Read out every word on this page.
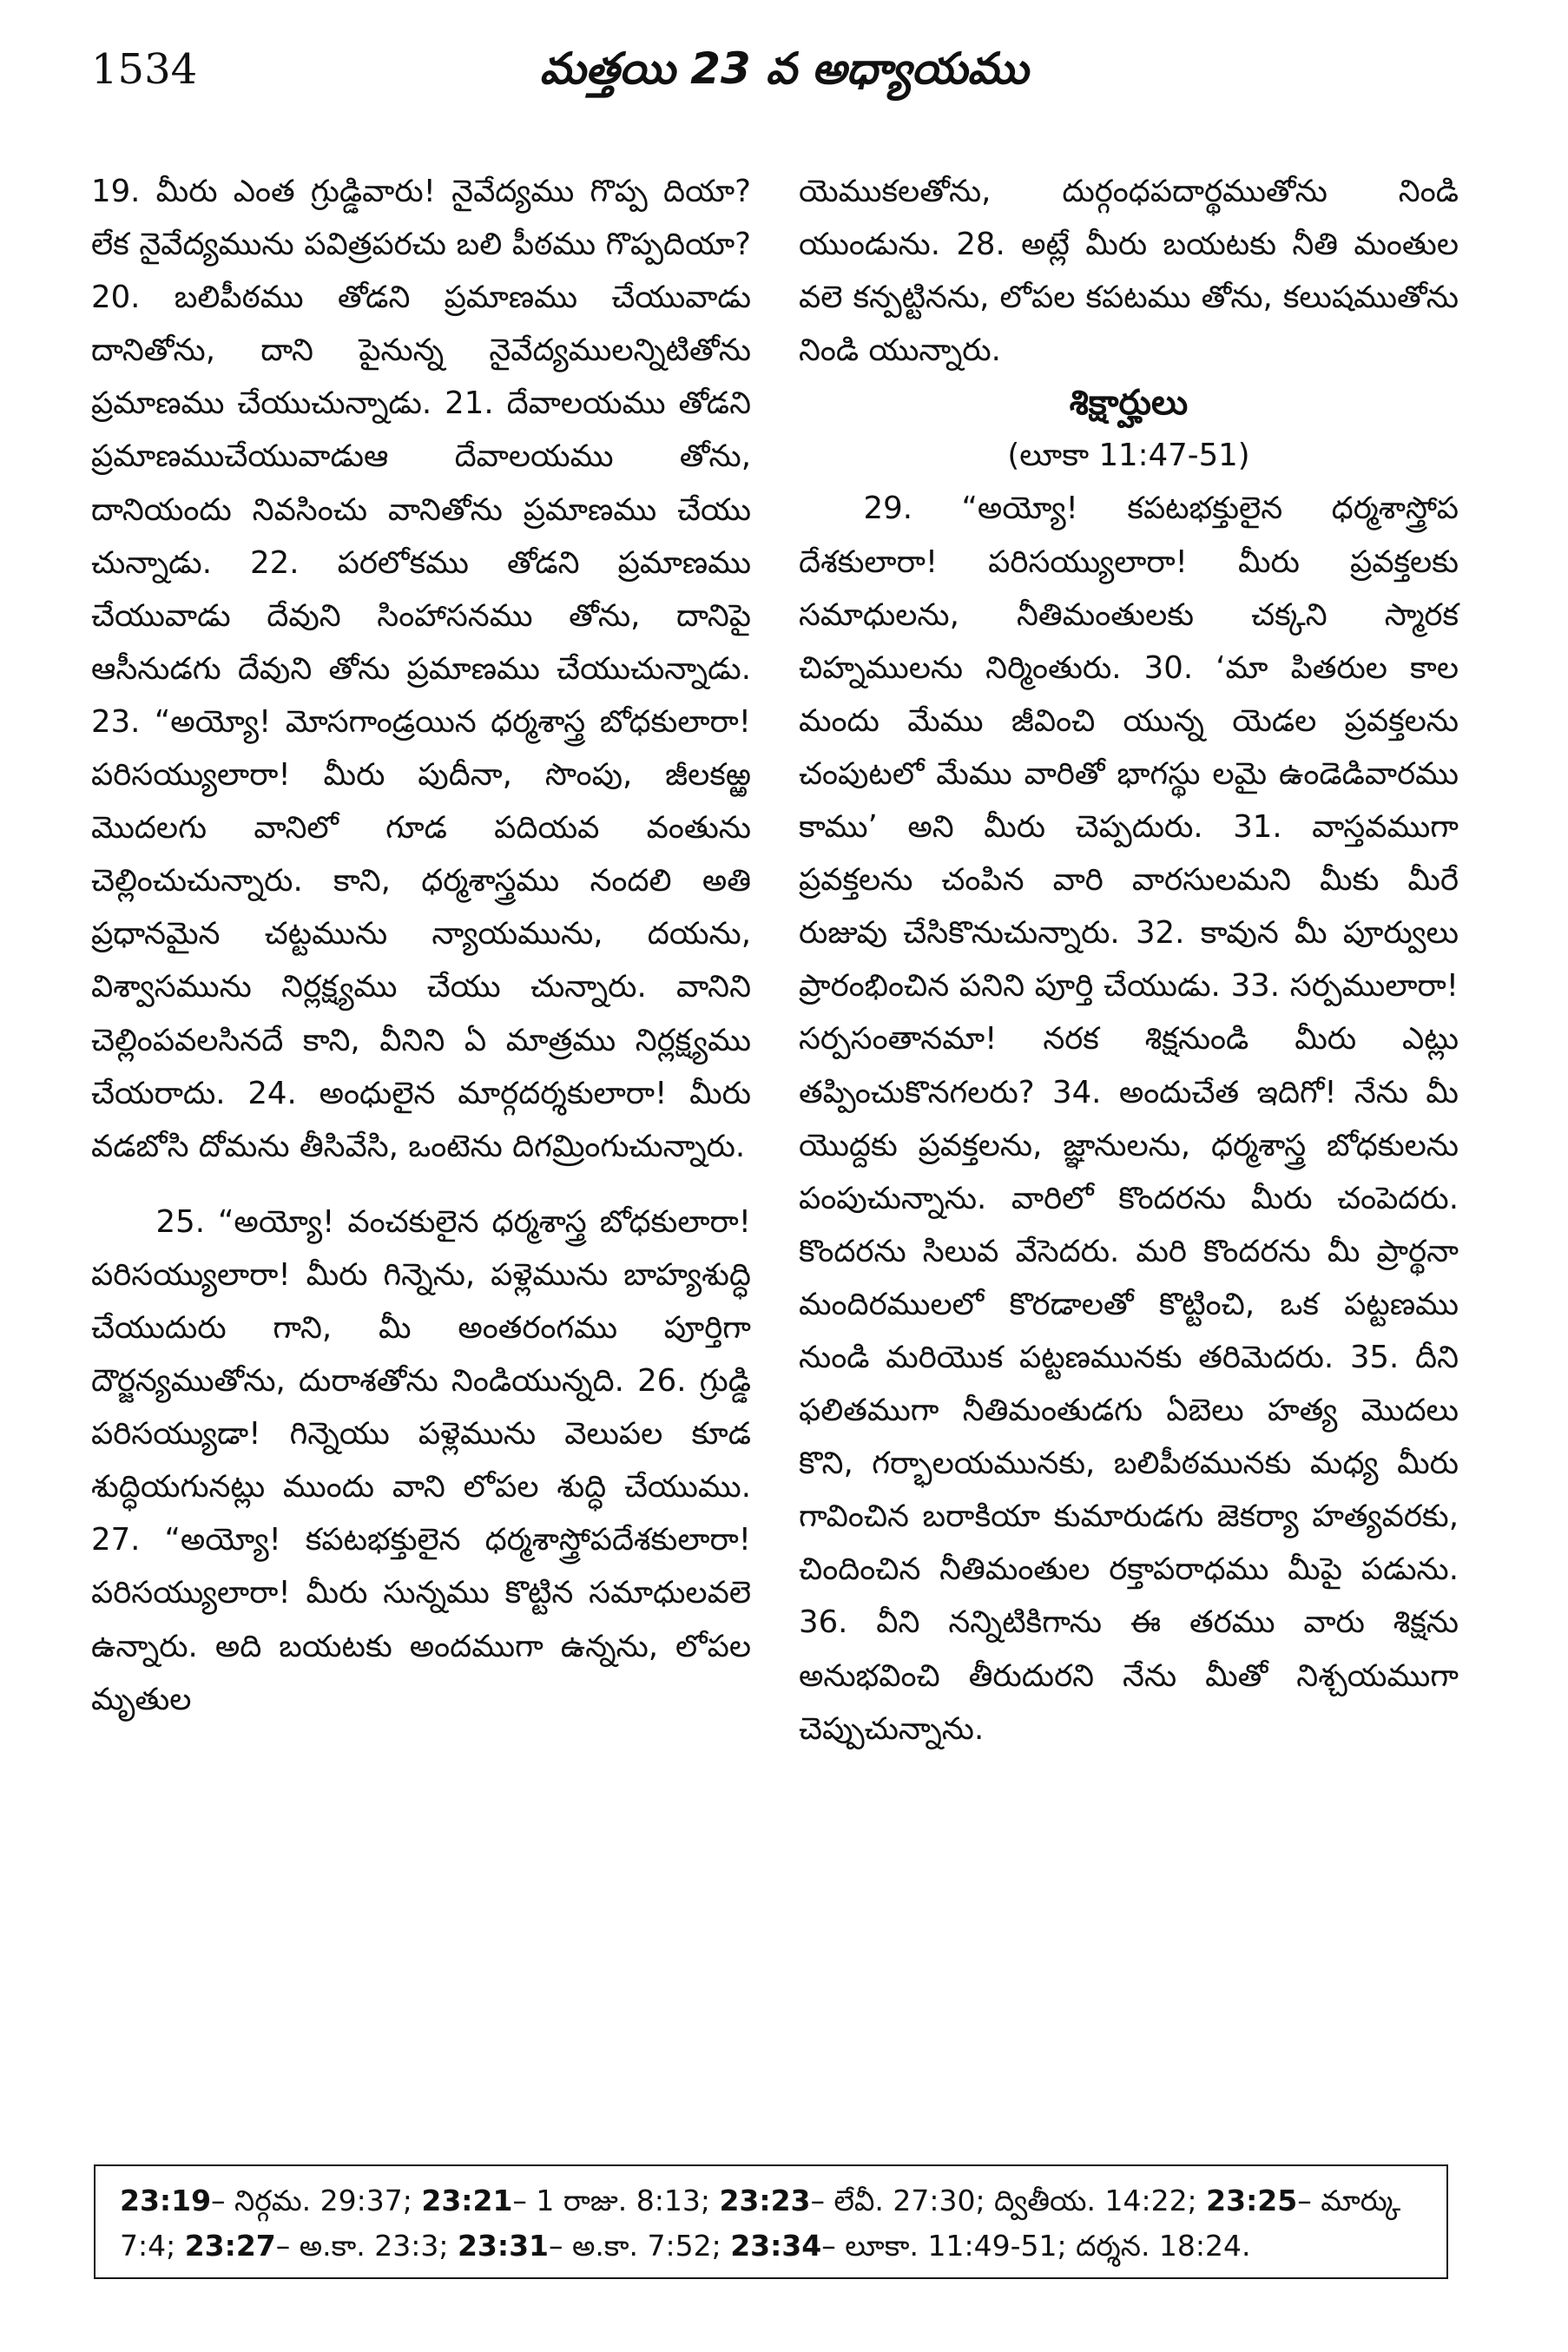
1534	మత్తయి 23 వ అధ్యాయము

19. మీరు ఎంత గ్రుడ్డివారు! నైవేద్యము గొప్ప దియా? లేక నైవేద్యమును పవిత్రపరచు బలి పీఠము గొప్పదియా? 20. బలిపీఠము తోడని ప్రమాణము చేయువాడు దానితోను, దాని పైనున్న నైవేద్యములన్నిటితోను ప్రమాణము చేయుచున్నాడు. 21. దేవాలయము తోడని ప్రమాణముచేయువాడుఆ దేవాలయము తోను, దానియందు నివసించు వానితోను ప్రమాణము చేయు చున్నాడు. 22. పరలోకము తోడని ప్రమాణము చేయువాడు దేవుని సింహాసనము తోను, దానిపై ఆసీనుడగు దేవుని తోను ప్రమాణము చేయుచున్నాడు. 23. “అయ్యో! మోసగాండ్రయిన ధర్మశాస్త్ర బోధకులారా! పరిసయ్యులారా! మీరు పుదీనా, సొంపు, జీలకఱ్ఱ మొదలగు వానిలో గూడ పదియవ వంతును చెల్లించుచున్నారు. కాని, ధర్మశాస్త్రము నందలి అతి ప్రధానమైన చట్టమును న్యాయమును, దయను, విశ్వాసమును నిర్లక్ష్యము చేయు చున్నారు. వానిని చెల్లింపవలసినదే కాని, వీనిని ఏ మాత్రము నిర్లక్ష్యము చేయరాదు. 24. అంధులైన మార్గదర్శకులారా! మీరు వడబోసి దోమను తీసివేసి, ఒంటెను దిగమ్రింగుచున్నారు.

25. “అయ్యో! వంచకులైన ధర్మశాస్త్ర బోధకులారా! పరిసయ్యులారా! మీరు గిన్నెను, పళ్లెమును బాహ్యశుద్ధి చేయుదురు గాని, మీ అంతరంగము పూర్తిగా దౌర్జన్యముతోను, దురాశతోను నిండియున్నది. 26. గ్రుడ్డి పరిసయ్యుడా! గిన్నెయు పళ్లెమును వెలుపల కూడ శుద్ధియగునట్లు ముందు వాని లోపల శుద్ధి చేయుము. 27. “అయ్యో! కపటభక్తులైన ధర్మశాస్త్రోపదేశకులారా! పరిసయ్యులారా! మీరు సున్నము కొట్టిన సమాధులవలె ఉన్నారు. అది బయటకు అందముగా ఉన్నను, లోపల మృతుల

యెముకలతోను, దుర్గంధపదార్థముతోను నిండి యుండును. 28. అట్లే మీరు బయటకు నీతి మంతుల వలె కన్పట్టినను, లోపల కపటము తోను, కలుషముతోను నిండి యున్నారు.

శిక్షార్హులు

(లూకా 11:47-51)

29. “అయ్యో! కపటభక్తులైన ధర్మశాస్త్రోప దేశకులారా! పరిసయ్యులారా! మీరు ప్రవక్తలకు సమాధులను, నీతిమంతులకు చక్కని స్మారక చిహ్నములను నిర్మింతురు. 30. ‘మా పితరుల కాల మందు మేము జీవించి యున్న యెడల ప్రవక్తలను చంపుటలో మేము వారితో భాగస్థు లమై ఉండెడివారము కాము’ అని మీరు చెప్పదురు. 31. వాస్తవముగా ప్రవక్తలను చంపిన వారి వారసులమని మీకు మీరే రుజువు చేసికొనుచున్నారు. 32. కావున మీ పూర్వులు ప్రారంభించిన పనిని పూర్తి చేయుడు. 33. సర్పములారా! సర్పసంతానమా! నరక శిక్షనుండి మీరు ఎట్లు తప్పించుకొనగలరు? 34. అందుచేత ఇదిగో! నేను మీ యొద్దకు ప్రవక్తలను, జ్ఞానులను, ధర్మశాస్త్ర బోధకులను పంపుచున్నాను. వారిలో కొందరను మీరు చంపెదరు. కొందరను సిలువ వేసెదరు. మరి కొందరను మీ ప్రార్థనా మందిరములలో కొరడాలతో కొట్టించి, ఒక పట్టణము నుండి మరియొక పట్టణమునకు తరిమెదరు. 35. దీని ఫలితముగా నీతిమంతుడగు ఏబెలు హత్య మొదలు కొని, గర్భాలయమునకు, బలిపీఠమునకు మధ్య మీరు గావించిన బరాకియా కుమారుడగు జెకర్యా హత్యవరకు, చిందించిన నీతిమంతుల రక్తాపరాధము మీపై పడును. 36. వీని నన్నిటికిగాను ఈ తరము వారు శిక్షను అనుభవించి తీరుదురని నేను మీతో నిశ్చయముగా చెప్పుచున్నాను.

23:19– నిర్గమ. 29:37; 23:21– 1 రాజు. 8:13; 23:23– లేవీ. 27:30; ద్వితీయ. 14:22; 23:25– మార్కు
7:4; 23:27– అ.కా. 23:3; 23:31– అ.కా. 7:52; 23:34– లూకా. 11:49-51; దర్శన. 18:24.
